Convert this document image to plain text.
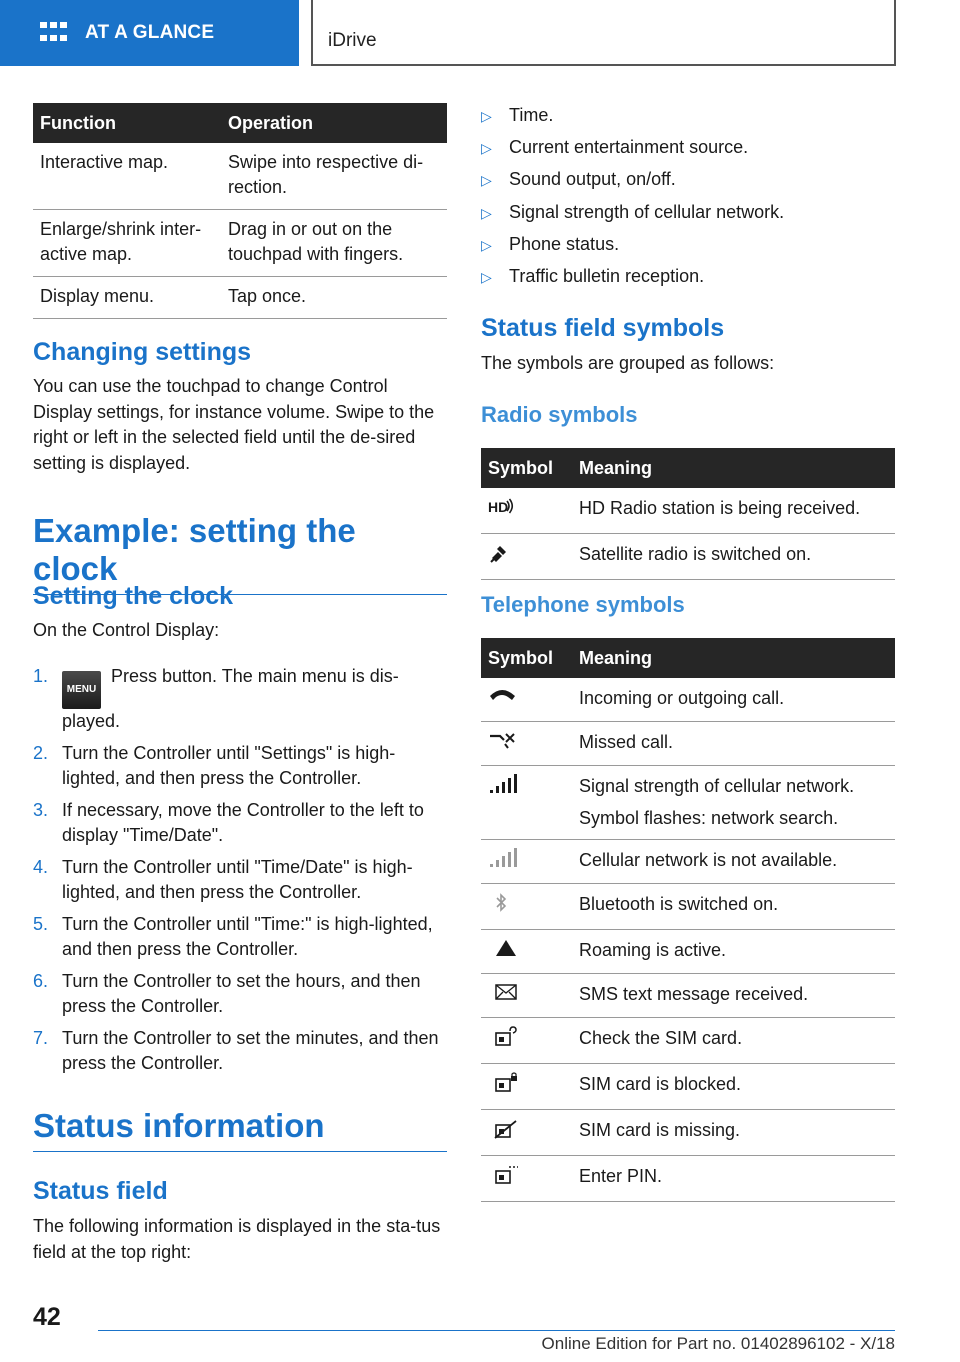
AT A GLANCE	iDrive
Function	Operation
Interactive map.	Swipe into respective di-rection.
Enlarge/shrink inter-active map.	Drag in or out on the touchpad with fingers.
Display menu.	Tap once.
Changing settings

You can use the touchpad to change Control Display settings, for instance volume. Swipe to the right or left in the selected field until the de-sired setting is displayed.

Example: setting the clock
Setting the clock

On the Control Display:

1.
MENUPress button. The main menu is dis-played.
2. Turn the Controller until "Settings" is high-lighted, and then press the Controller.
3. If necessary, move the Controller to the left to display "Time/Date".
4. Turn the Controller until "Time/Date" is high-lighted, and then press the Controller.
5. Turn the Controller until "Time:" is high-lighted, and then press the Controller.
6. Turn the Controller to set the hours, and then press the Controller.
7. Turn the Controller to set the minutes, and then press the Controller.
Status information
Status field

The following information is displayed in the sta-tus field at the top right:

▷ Time.
▷ Current entertainment source.
▷ Sound output, on/off.
▷ Signal strength of cellular network.
▷ Phone status.
▷ Traffic bulletin reception.
Status field symbols

The symbols are grouped as follows:

Radio symbols
Symbol	Meaning

HD	HD Radio station is being received.
	Satellite radio is switched on.
Telephone symbols
Symbol	Meaning
	Incoming or outgoing call.
	Missed call.
	Signal strength of cellular network.
Symbol flashes: network search.

	Cellular network is not available.
	Bluetooth is switched on.
	Roaming is active.
	SMS text message received.
	Check the SIM card.
	SIM card is blocked.
	SIM card is missing.
	Enter PIN.
42
Online Edition for Part no. 01402896102 - X/18
